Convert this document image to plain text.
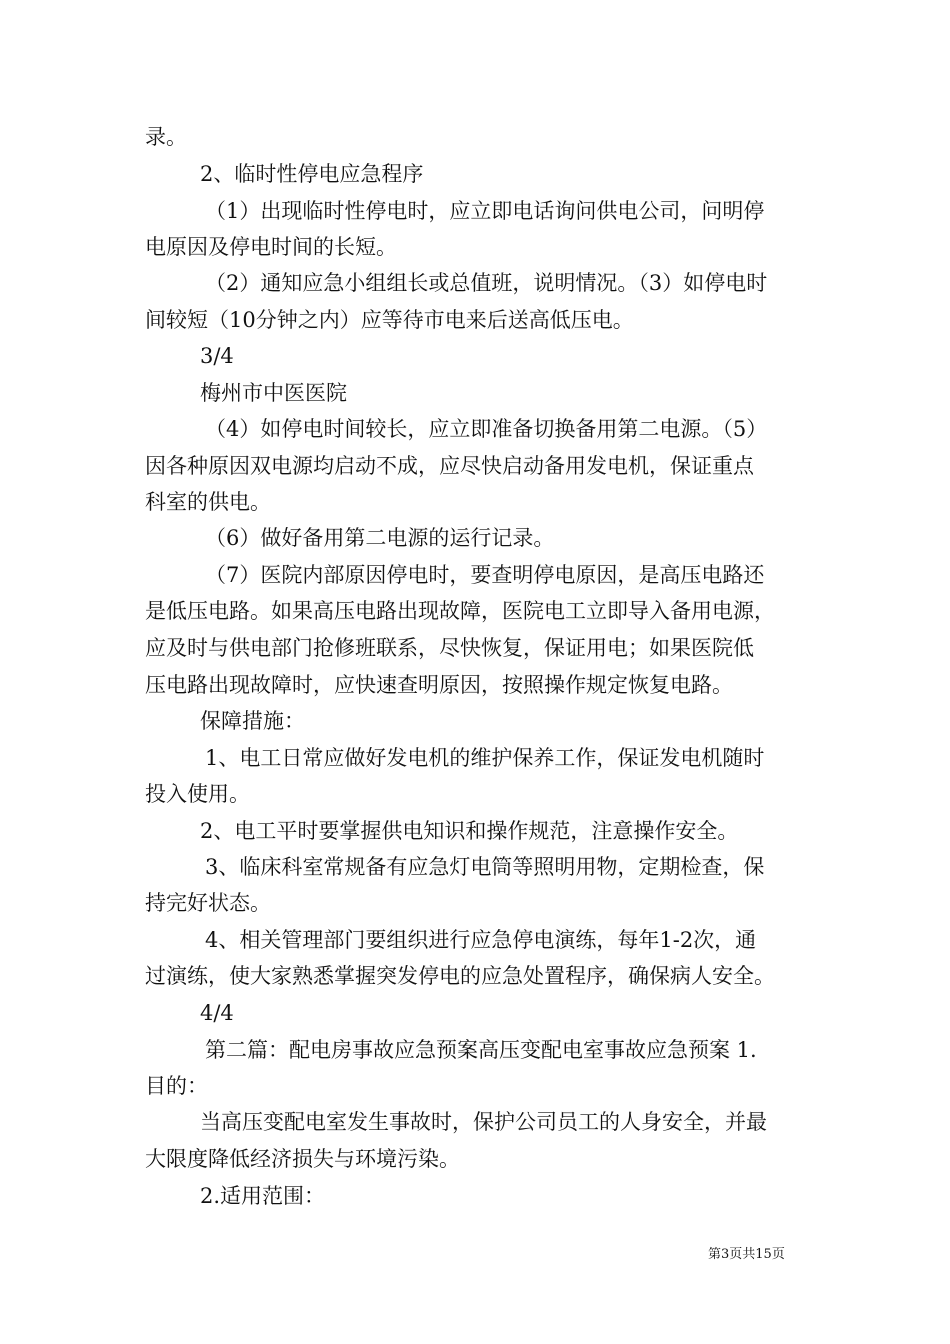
录。
2、临时性停电应急程序
（1）出现临时性停电时，应立即电话询问供电公司，问明停
电原因及停电时间的长短。
（2）通知应急小组组长或总值班，说明情况。（3）如停电时
间较短（10分钟之内）应等待市电来后送高低压电。
3/4
梅州市中医医院
（4）如停电时间较长，应立即准备切换备用第二电源。（5）
因各种原因双电源均启动不成，应尽快启动备用发电机，保证重点
科室的供电。
（6）做好备用第二电源的运行记录。
（7）医院内部原因停电时，要查明停电原因，是高压电路还
是低压电路。如果高压电路出现故障，医院电工立即导入备用电源，
应及时与供电部门抢修班联系，尽快恢复，保证用电；如果医院低
压电路出现故障时，应快速查明原因，按照操作规定恢复电路。
保障措施：
1、电工日常应做好发电机的维护保养工作，保证发电机随时
投入使用。
2、电工平时要掌握供电知识和操作规范，注意操作安全。
3、临床科室常规备有应急灯电筒等照明用物，定期检查，保
持完好状态。
4、相关管理部门要组织进行应急停电演练，每年1-2次，通
过演练，使大家熟悉掌握突发停电的应急处置程序，确保病人安全。
4/4
第二篇：配电房事故应急预案高压变配电室事故应急预案 1.
目的：
当高压变配电室发生事故时，保护公司员工的人身安全，并最
大限度降低经济损失与环境污染。
2.适用范围：
第3页共15页
